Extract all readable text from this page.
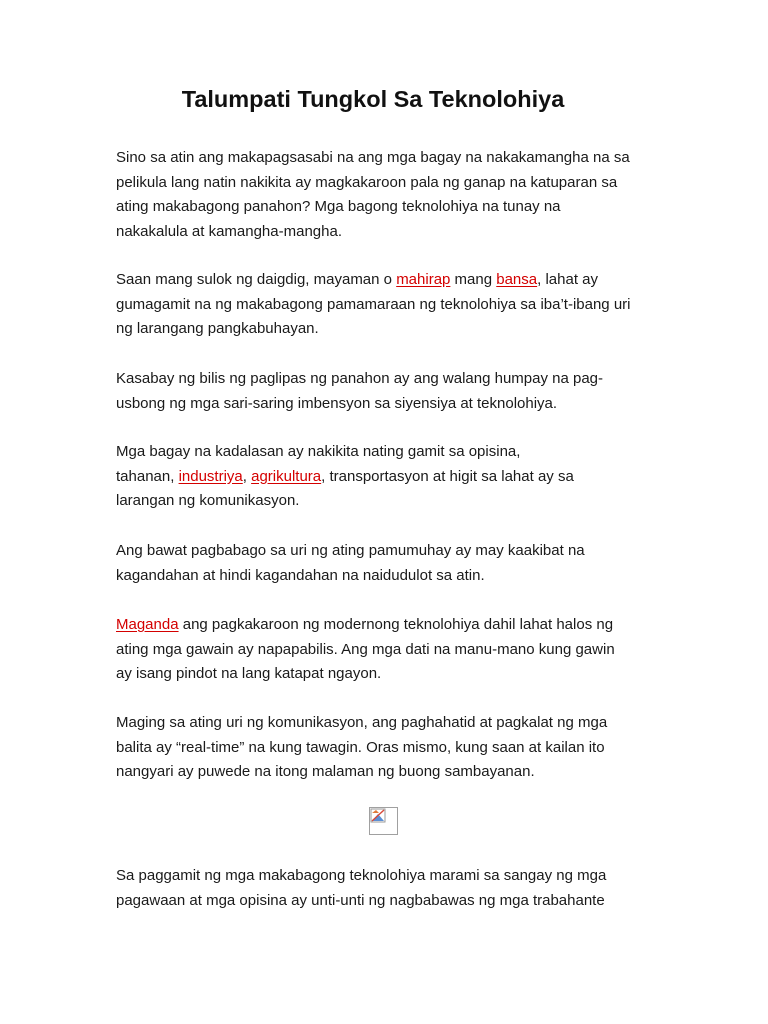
Talumpati Tungkol Sa Teknolohiya

Sino sa atin ang makapagsasabi na ang mga bagay na nakakamangha na sa
pelikula lang natin nakikita ay magkakaroon pala ng ganap na katuparan sa
ating makabagong panahon? Mga bagong teknolohiya na tunay na
nakakalula at kamangha-mangha.

Saan mang sulok ng daigdig, mayaman o mahirap mang bansa, lahat ay
gumagamit na ng makabagong pamamaraan ng teknolohiya sa iba’t-ibang uri
ng larangang pangkabuhayan.

Kasabay ng bilis ng paglipas ng panahon ay ang walang humpay na pag-
usbong ng mga sari-saring imbensyon sa siyensiya at teknolohiya.

Mga bagay na kadalasan ay nakikita nating gamit sa opisina,
tahanan, industriya, agrikultura, transportasyon at higit sa lahat ay sa
larangan ng komunikasyon.

Ang bawat pagbabago sa uri ng ating pamumuhay ay may kaakibat na
kagandahan at hindi kagandahan na naidudulot sa atin.

Maganda ang pagkakaroon ng modernong teknolohiya dahil lahat halos ng
ating mga gawain ay napapabilis. Ang mga dati na manu-mano kung gawin
ay isang pindot na lang katapat ngayon.

Maging sa ating uri ng komunikasyon, ang paghahatid at pagkalat ng mga
balita ay “real-time” na kung tawagin. Oras mismo, kung saan at kailan ito
nangyari ay puwede na itong malaman ng buong sambayanan.

Sa paggamit ng mga makabagong teknolohiya marami sa sangay ng mga
pagawaan at mga opisina ay unti-unti ng nagbabawas ng mga trabahante
